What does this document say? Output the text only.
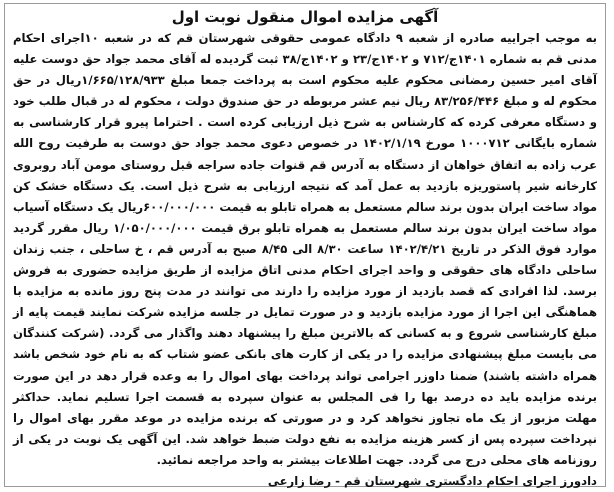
آگهی مزایده اموال منقول نوبت اول

به موجب اجراییه صادره از شعبه ۹ دادگاه عمومی حقوقی شهرستان قم که در شعبه ۱۰اجرای احکام مدنی قم به شماره ۱۴۰۱ج/۷۱۲ و ۱۴۰۲ج/۲۳ و ۱۴۰۲ج/۳۸ ثبت گردیده له آقای محمد جواد حق دوست علیه آقای امیر حسین رمضانی محکوم علیه محکوم است به پرداخت جمعا مبلغ ۱/۶۶۵/۱۲۸/۹۳۳ریال در حق محکوم له و مبلغ ۸۳/۲۵۶/۴۴۶ ریال نیم عشر مربوطه در حق صندوق دولت ، محکوم له در قبال طلب خود و دستگاه معرفی کرده که کارشناس به شرح ذیل ارزیابی کرده است . احتراما پیرو قرار کارشناسی به شماره بایگانی ۱۰۰۰۷۱۲ مورخ ۱۴۰۲/۱/۱۹ در خصوص دعوی محمد جواد حق دوست به طرفیت روح الله عرب زاده به اتفاق خواهان از دستگاه به آدرس قم قنوات جاده سراجه قبل روستای مومن آباد روبروی کارخانه شیر پاستوریزه بازدید به عمل آمد که نتیجه ارزیابی به شرح ذیل است. یک دستگاه خشک کن مواد ساخت ایران بدون برند سالم مستعمل به همراه تابلو به قیمت ۶۰۰/۰۰۰/۰۰۰ریال یک دستگاه آسیاب مواد ساخت ایران بدون برند سالم مستعمل به همراه تابلو برق قیمت ۱/۰۵۰/۰۰۰/۰۰۰ ریال مقرر گردید موارد فوق الذکر در تاریخ ۱۴۰۲/۴/۲۱ ساعت ۸/۳۰ الی ۸/۴۵ صبح به آدرس قم ، خ ساحلی ، جنب زندان ساحلی دادگاه های حقوقی و واحد اجرای احکام مدنی اتاق مزایده از طریق مزایده حضوری به فروش برسد. لذا افرادی که قصد بازدید از مورد مزایده را دارند می توانند در مدت پنج روز مانده به مزایده با هماهنگی این اجرا از مورد مزایده بازدید و در صورت تمایل در جلسه مزایده شرکت نمایند قیمت پایه از مبلغ کارشناسی شروع و به کسانی که بالاترین مبلغ را پیشنهاد دهند واگذار می گردد. (شرکت کنندگان می بایست مبلغ پیشنهادی مزایده را در یکی از کارت های بانکی عضو شتاب که به نام خود شخص باشد همراه داشته باشند) ضمنا داوزر اجرامی تواند پرداخت بهای اموال را به وعده قرار دهد در این صورت برنده مزایده باید ده درصد بها را فی المجلس به عنوان سپرده به قسمت اجرا تسلیم نماید. حداکثر مهلت مزبور از یک ماه تجاوز نخواهد کرد و در صورتی که برنده مزایده در موعد مقرر بهای اموال را نپرداخت سپرده پس از کسر هزینه مزایده به نفع دولت ضبط خواهد شد. این آگهی یک نوبت در یکی از روزنامه های محلی درج می گردد. جهت اطلاعات بیشتر به واحد مراجعه نمائید.

دادورز اجرای احکام دادگستری شهرستان قم - رضا زارعی
